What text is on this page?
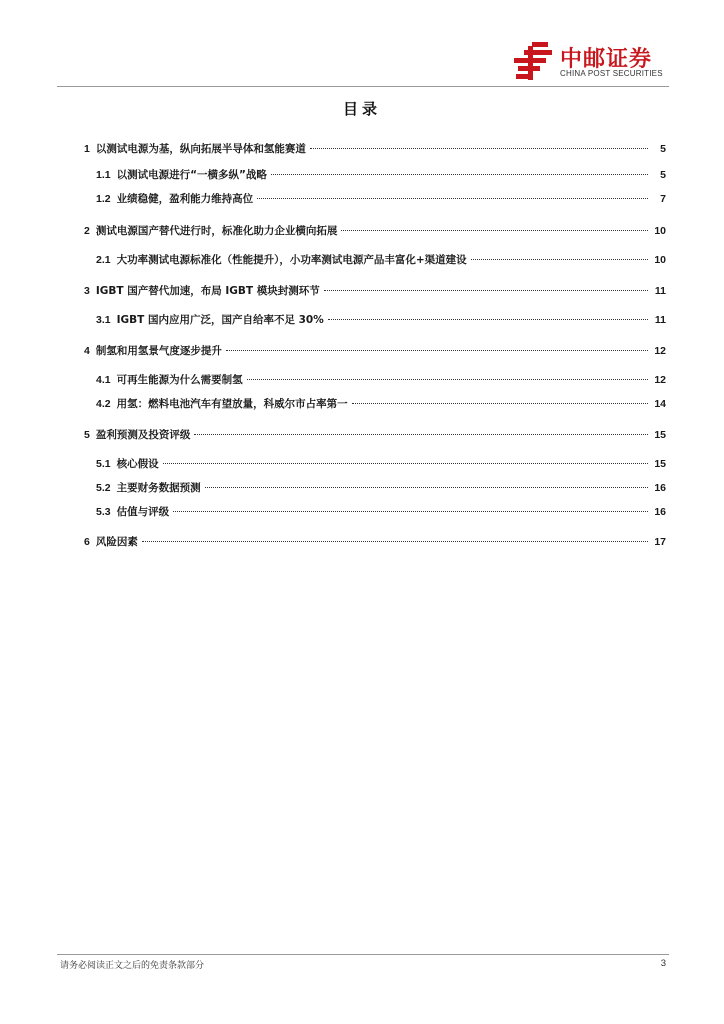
中邮证券
CHINA POST SECURITIES
目录
1 以测试电源为基，纵向拓展半导体和氢能赛道	5
1.1 以测试电源进行“一横多纵”战略	5
1.2 业绩稳健，盈利能力维持高位	7
2 测试电源国产替代进行时，标准化助力企业横向拓展	10
2.1 大功率测试电源标准化（性能提升），小功率测试电源产品丰富化+渠道建设	10
3 IGBT 国产替代加速，布局 IGBT 模块封测环节	11
3.1 IGBT 国内应用广泛，国产自给率不足 30%	11
4 制氢和用氢景气度逐步提升	12
4.1 可再生能源为什么需要制氢	12
4.2 用氢：燃料电池汽车有望放量，科威尔市占率第一	14
5 盈利预测及投资评级	15
5.1 核心假设	15
5.2 主要财务数据预测	16
5.3 估值与评级	16
6 风险因素	17
请务必阅读正文之后的免责条款部分	3
